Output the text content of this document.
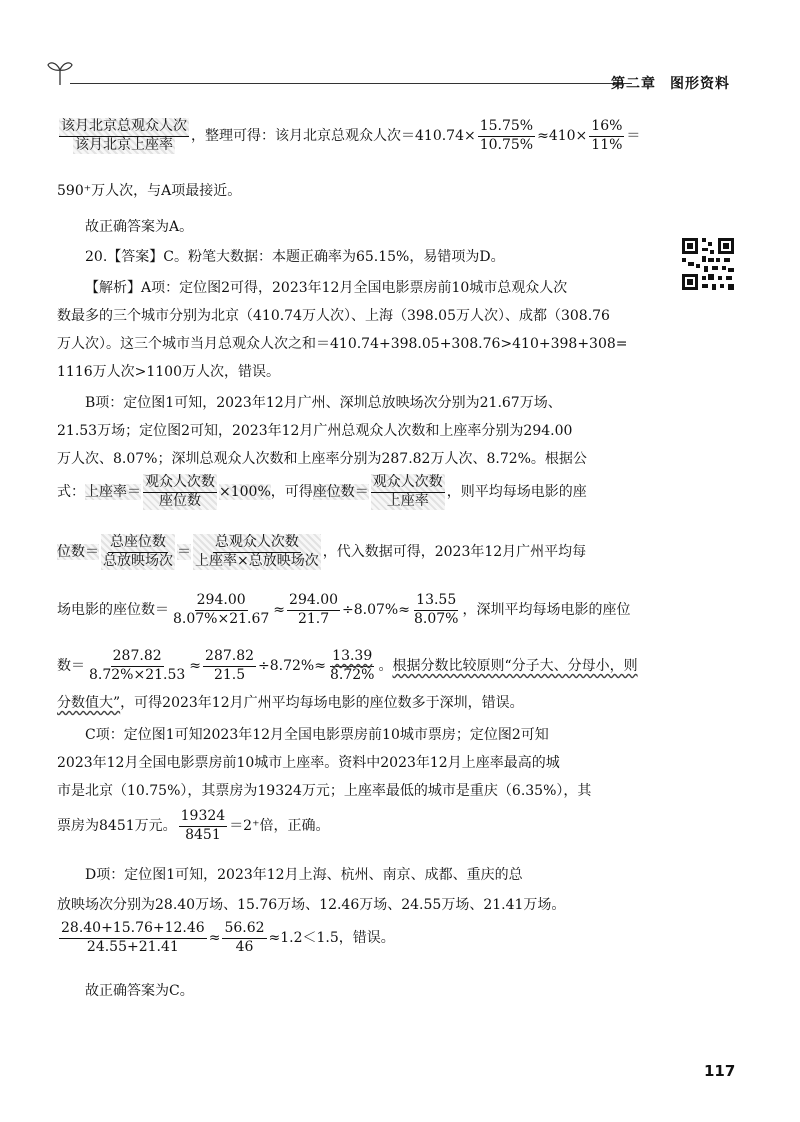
第二章 图形资料
$\frac{\text{该月北京总观众人次}}{\text{该月北京上座率}}$ ，整理可得：该月北京总观众人次$=410.74\times \frac{15.75\%}{10.75\%} \approx 410\times \frac{16\%}{11\%}$ ＝
590⁺万人次，与A项最接近。
故正确答案为A。
20.【答案】C。粉笔大数据：本题正确率为65.15%，易错项为D。
【解析】A项：定位图2可得，2023年12月全国电影票房前10城市总观众人次
数最多的三个城市分别为北京（410.74万人次）、上海（398.05万人次）、成都（308.76
万人次）。这三个城市当月总观众人次之和＝410.74+398.05+308.76>410+398+308=
1116万人次>1100万人次，错误。
B项：定位图1可知，2023年12月广州、深圳总放映场次分别为21.67万场、
21.53万场；定位图2可知，2023年12月广州总观众人次数和上座率分别为294.00
万人次、8.07%；深圳总观众人次数和上座率分别为287.82万人次、8.72%。根据公
式：上座率＝ $\frac{\text{观众人次数}}{\text{座位数}} \times 100\%$，可得座位数＝ $\frac{\text{观众人次数}}{\text{上座率}}$ ，则平均每场电影的座
位数＝ $\frac{\text{总座位数}}{\text{总放映场次}} = \frac{\text{总观众人次数}}{\text{上座率×总放映场次}}$ ，代入数据可得，2023年12月广州平均每
场电影的座位数＝ $\frac{294.00}{8.07\%\times 21.67} \approx \frac{294.00}{21.7} \div 8.07\%\approx \frac{13.55}{8.07\%}$ ，深圳平均每场电影的座位
数＝ $\frac{287.82}{8.72\%\times 21.53} \approx \frac{287.82}{21.5} \div 8.72\%\approx \frac{13.39}{8.72\%}$ 。根据分数比较原则“分子大、分母小，则
分数值大”，可得2023年12月广州平均每场电影的座位数多于深圳，错误。
C项：定位图1可知2023年12月全国电影票房前10城市票房；定位图2可知
2023年12月全国电影票房前10城市上座率。资料中2023年12月上座率最高的城
市是北京（10.75%），其票房为19324万元；上座率最低的城市是重庆（6.35%），其
票房为8451万元。 $\frac{19324}{8451} =2^+$倍，正确。
D项：定位图1可知，2023年12月上海、杭州、南京、成都、重庆的总
放映场次分别为28.40万场、15.76万场、12.46万场、24.55万场、21.41万场。
$\frac{28.40+15.76+12.46}{24.55+21.41} \approx \frac{56.62}{46} \approx 1.2<1.5$，错误。
故正确答案为C。
117
